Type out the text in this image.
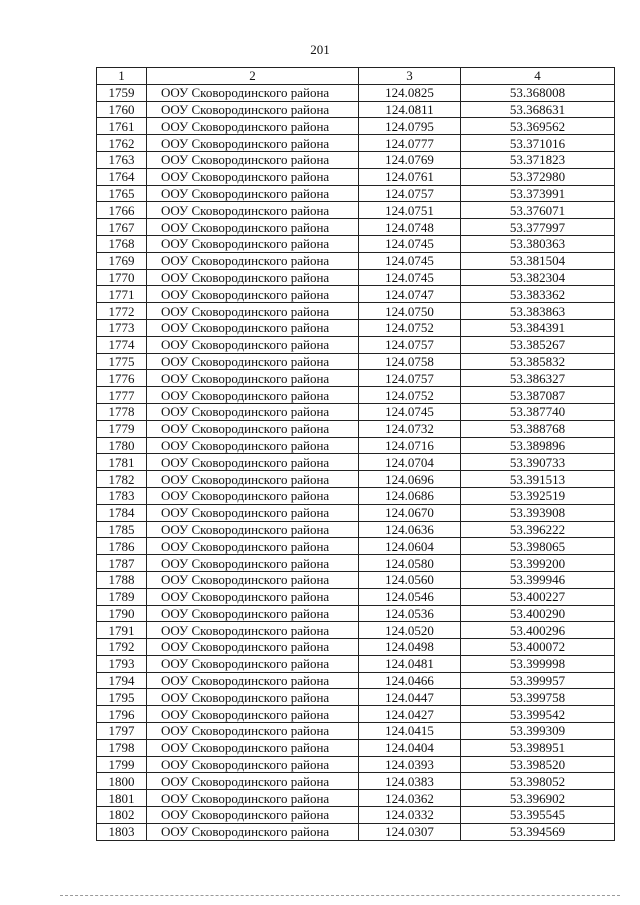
201
1	2	3	4
1759	ООУ Сковородинского района	124.0825	53.368008
1760	ООУ Сковородинского района	124.0811	53.368631
1761	ООУ Сковородинского района	124.0795	53.369562
1762	ООУ Сковородинского района	124.0777	53.371016
1763	ООУ Сковородинского района	124.0769	53.371823
1764	ООУ Сковородинского района	124.0761	53.372980
1765	ООУ Сковородинского района	124.0757	53.373991
1766	ООУ Сковородинского района	124.0751	53.376071
1767	ООУ Сковородинского района	124.0748	53.377997
1768	ООУ Сковородинского района	124.0745	53.380363
1769	ООУ Сковородинского района	124.0745	53.381504
1770	ООУ Сковородинского района	124.0745	53.382304
1771	ООУ Сковородинского района	124.0747	53.383362
1772	ООУ Сковородинского района	124.0750	53.383863
1773	ООУ Сковородинского района	124.0752	53.384391
1774	ООУ Сковородинского района	124.0757	53.385267
1775	ООУ Сковородинского района	124.0758	53.385832
1776	ООУ Сковородинского района	124.0757	53.386327
1777	ООУ Сковородинского района	124.0752	53.387087
1778	ООУ Сковородинского района	124.0745	53.387740
1779	ООУ Сковородинского района	124.0732	53.388768
1780	ООУ Сковородинского района	124.0716	53.389896
1781	ООУ Сковородинского района	124.0704	53.390733
1782	ООУ Сковородинского района	124.0696	53.391513
1783	ООУ Сковородинского района	124.0686	53.392519
1784	ООУ Сковородинского района	124.0670	53.393908
1785	ООУ Сковородинского района	124.0636	53.396222
1786	ООУ Сковородинского района	124.0604	53.398065
1787	ООУ Сковородинского района	124.0580	53.399200
1788	ООУ Сковородинского района	124.0560	53.399946
1789	ООУ Сковородинского района	124.0546	53.400227
1790	ООУ Сковородинского района	124.0536	53.400290
1791	ООУ Сковородинского района	124.0520	53.400296
1792	ООУ Сковородинского района	124.0498	53.400072
1793	ООУ Сковородинского района	124.0481	53.399998
1794	ООУ Сковородинского района	124.0466	53.399957
1795	ООУ Сковородинского района	124.0447	53.399758
1796	ООУ Сковородинского района	124.0427	53.399542
1797	ООУ Сковородинского района	124.0415	53.399309
1798	ООУ Сковородинского района	124.0404	53.398951
1799	ООУ Сковородинского района	124.0393	53.398520
1800	ООУ Сковородинского района	124.0383	53.398052
1801	ООУ Сковородинского района	124.0362	53.396902
1802	ООУ Сковородинского района	124.0332	53.395545
1803	ООУ Сковородинского района	124.0307	53.394569
